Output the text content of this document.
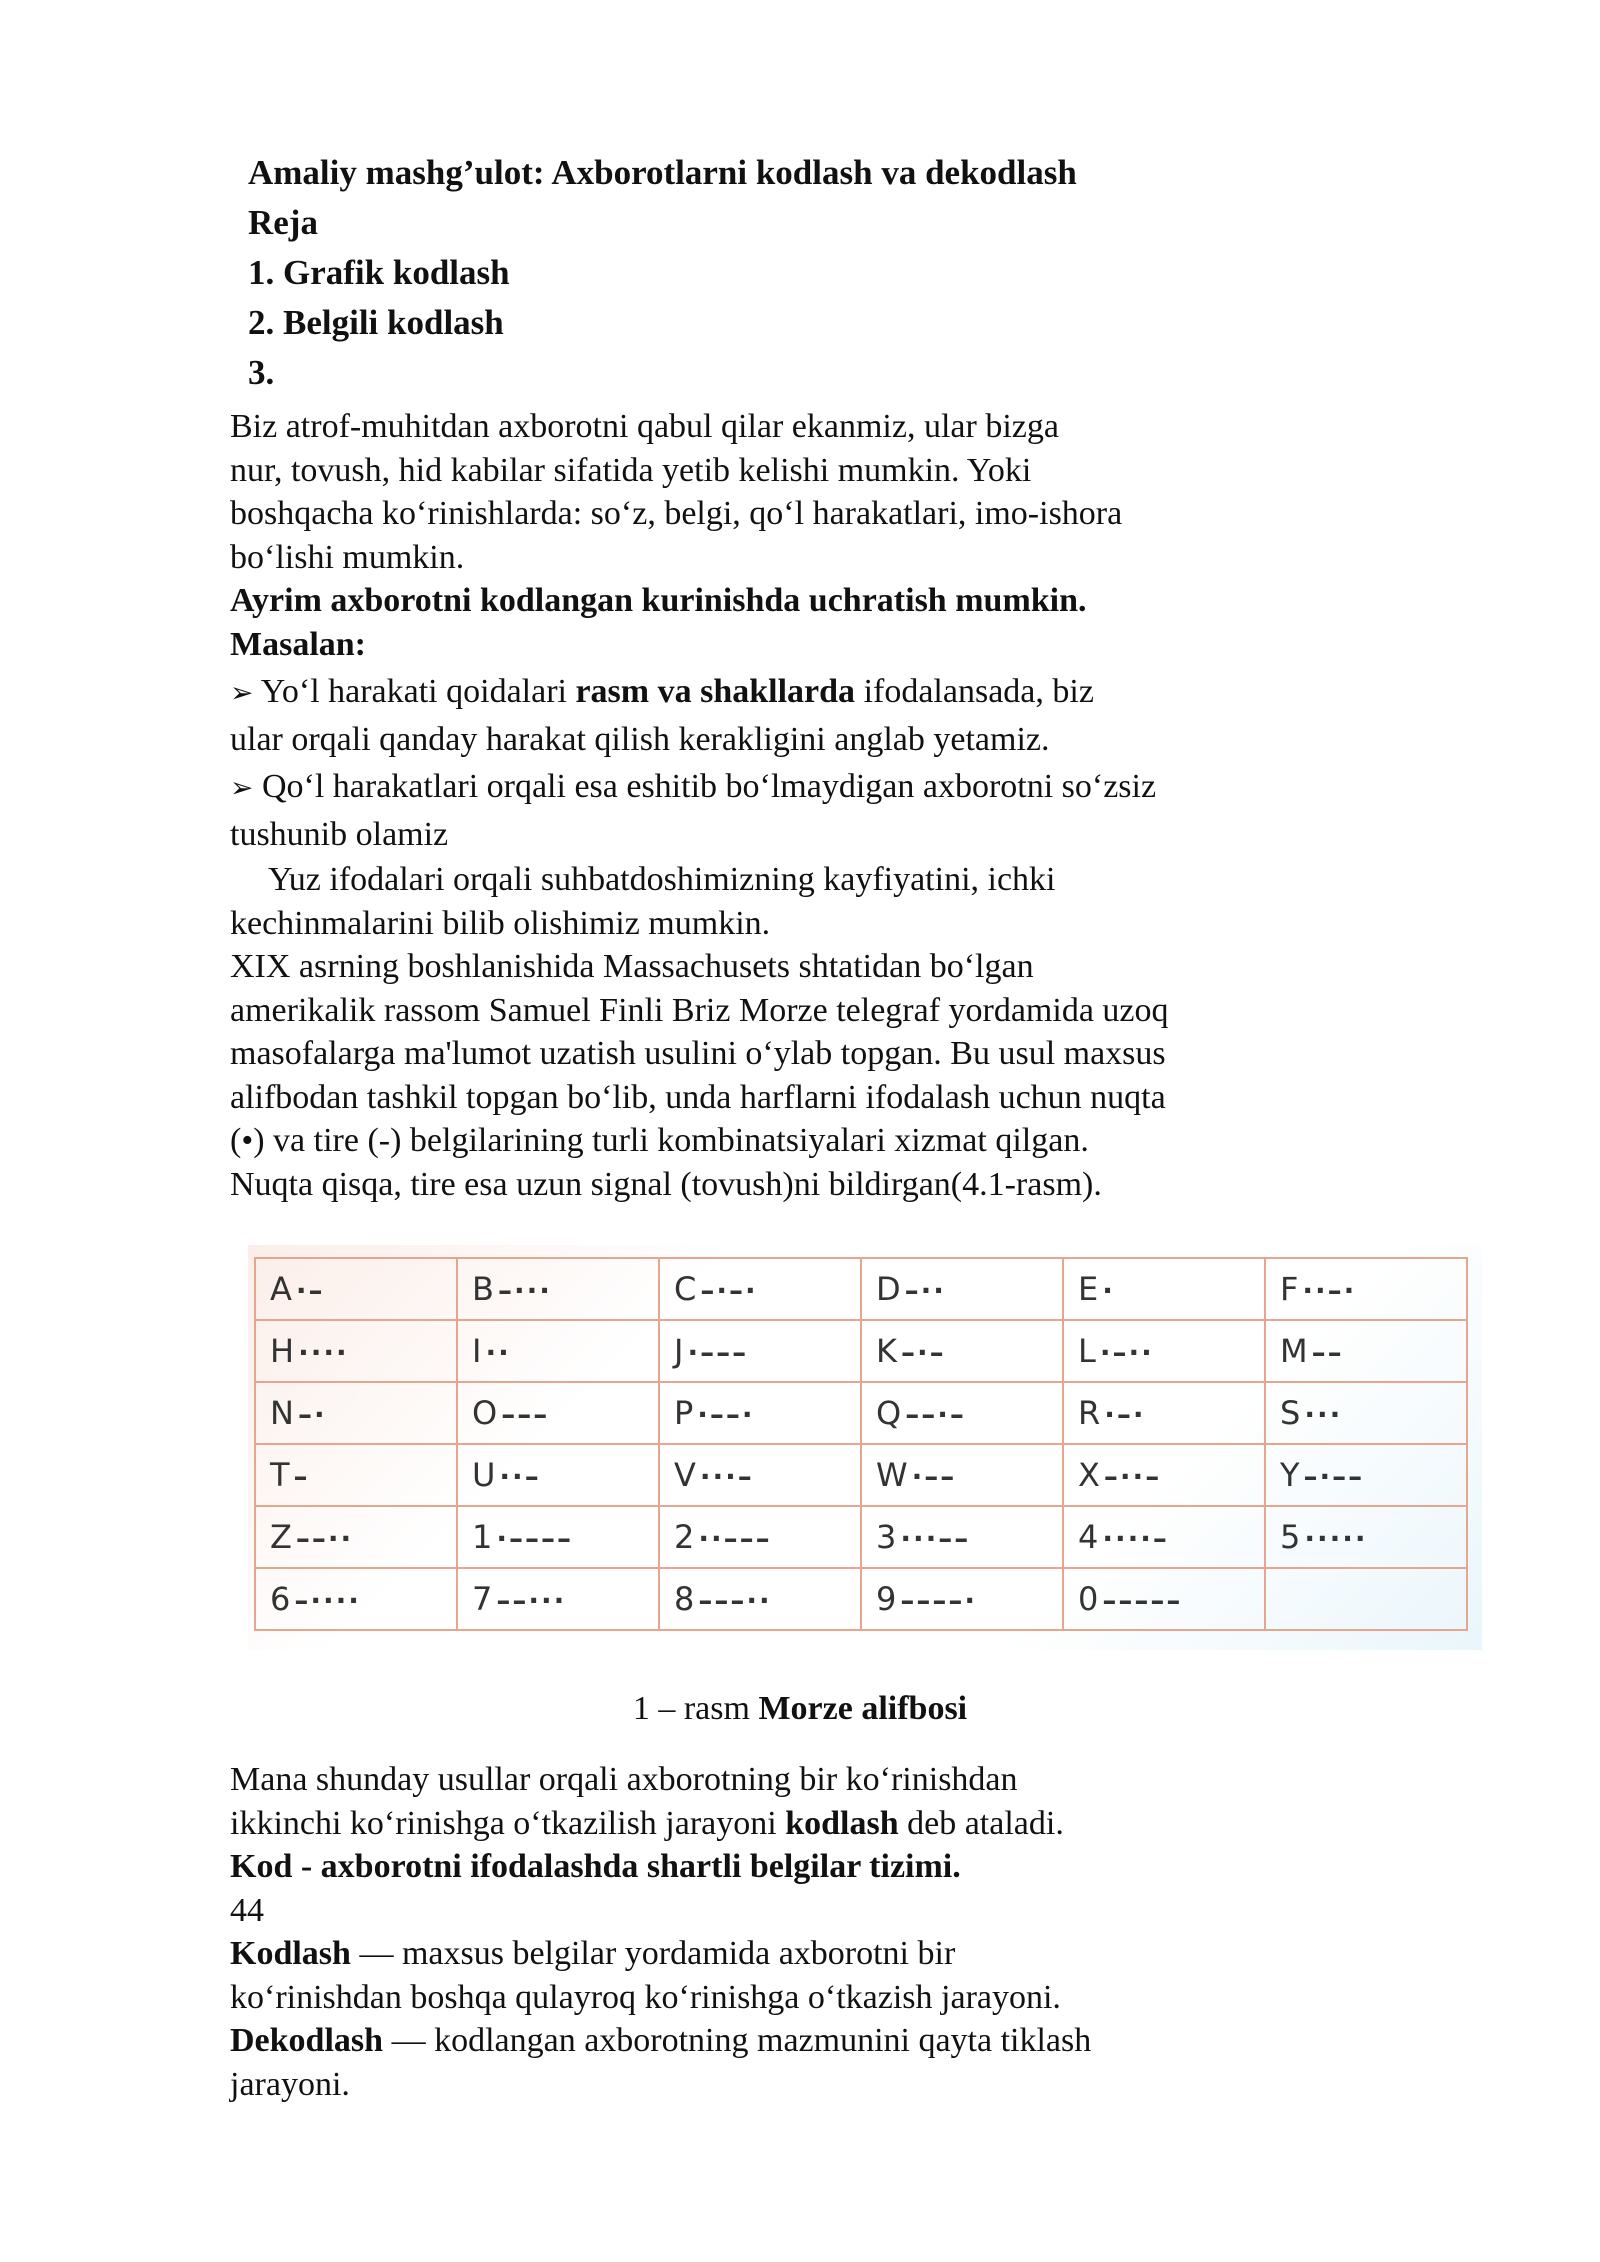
Amaliy mashg’ulot: Axborotlarni kodlash va dekodlash
Reja
1. Grafik kodlash
2. Belgili kodlash
3.

Biz atrof-muhitdan axborotni qabul qilar ekanmiz, ular bizga

nur, tovush, hid kabilar sifatida yetib kelishi mumkin. Yoki

boshqacha ko‘rinishlarda: so‘z, belgi, qo‘l harakatlari, imo-ishora

bo‘lishi mumkin.

Ayrim axborotni kodlangan kurinishda uchratish mumkin.

Masalan:

➢ Yo‘l harakati qoidalari rasm va shakllarda ifodalansada, biz

ular orqali qanday harakat qilish kerakligini anglab yetamiz.

➢ Qo‘l harakatlari orqali esa eshitib bo‘lmaydigan axborotni so‘zsiz

tushunib olamiz

Yuz ifodalari orqali suhbatdoshimizning kayfiyatini, ichki

kechinmalarini bilib olishimiz mumkin.

XIX asrning boshlanishida Massachusets shtatidan bo‘lgan

amerikalik rassom Samuel Finli Briz Morze telegraf yordamida uzoq

masofalarga ma'lumot uzatish usulini o‘ylab topgan. Bu usul maxsus

alifbodan tashkil topgan bo‘lib, unda harflarni ifodalash uchun nuqta

(•) va tire (-) belgilarining turli kombinatsiyalari xizmat qilgan.

Nuqta qisqa, tire esa uzun signal (tovush)ni bildirgan(4.1-rasm).

A ·–	B –···	C –·–·	D –··	E ·	F ··–·
H ····	I ··	J ·–––	K –·–	L ·–··	M ––
N –·	O –––	P ·––·	Q ––·–	R ·–·	S ···
T –	U ··–	V ···–	W ·––	X –··–	Y –·––
Z ––··	1 ·––––	2 ··–––	3 ···––	4 ····–	5 ·····
6 –····	7 ––···	8 –––··	9 ––––·	0 –––––	
1 – rasm Morze alifbosi

Mana shunday usullar orqali axborotning bir ko‘rinishdan

ikkinchi ko‘rinishga o‘tkazilish jarayoni kodlash deb ataladi.

Kod - axborotni ifodalashda shartli belgilar tizimi.

44

Kodlash — maxsus belgilar yordamida axborotni bir

ko‘rinishdan boshqa qulayroq ko‘rinishga o‘tkazish jarayoni.

Dekodlash — kodlangan axborotning mazmunini qayta tiklash

jarayoni.
